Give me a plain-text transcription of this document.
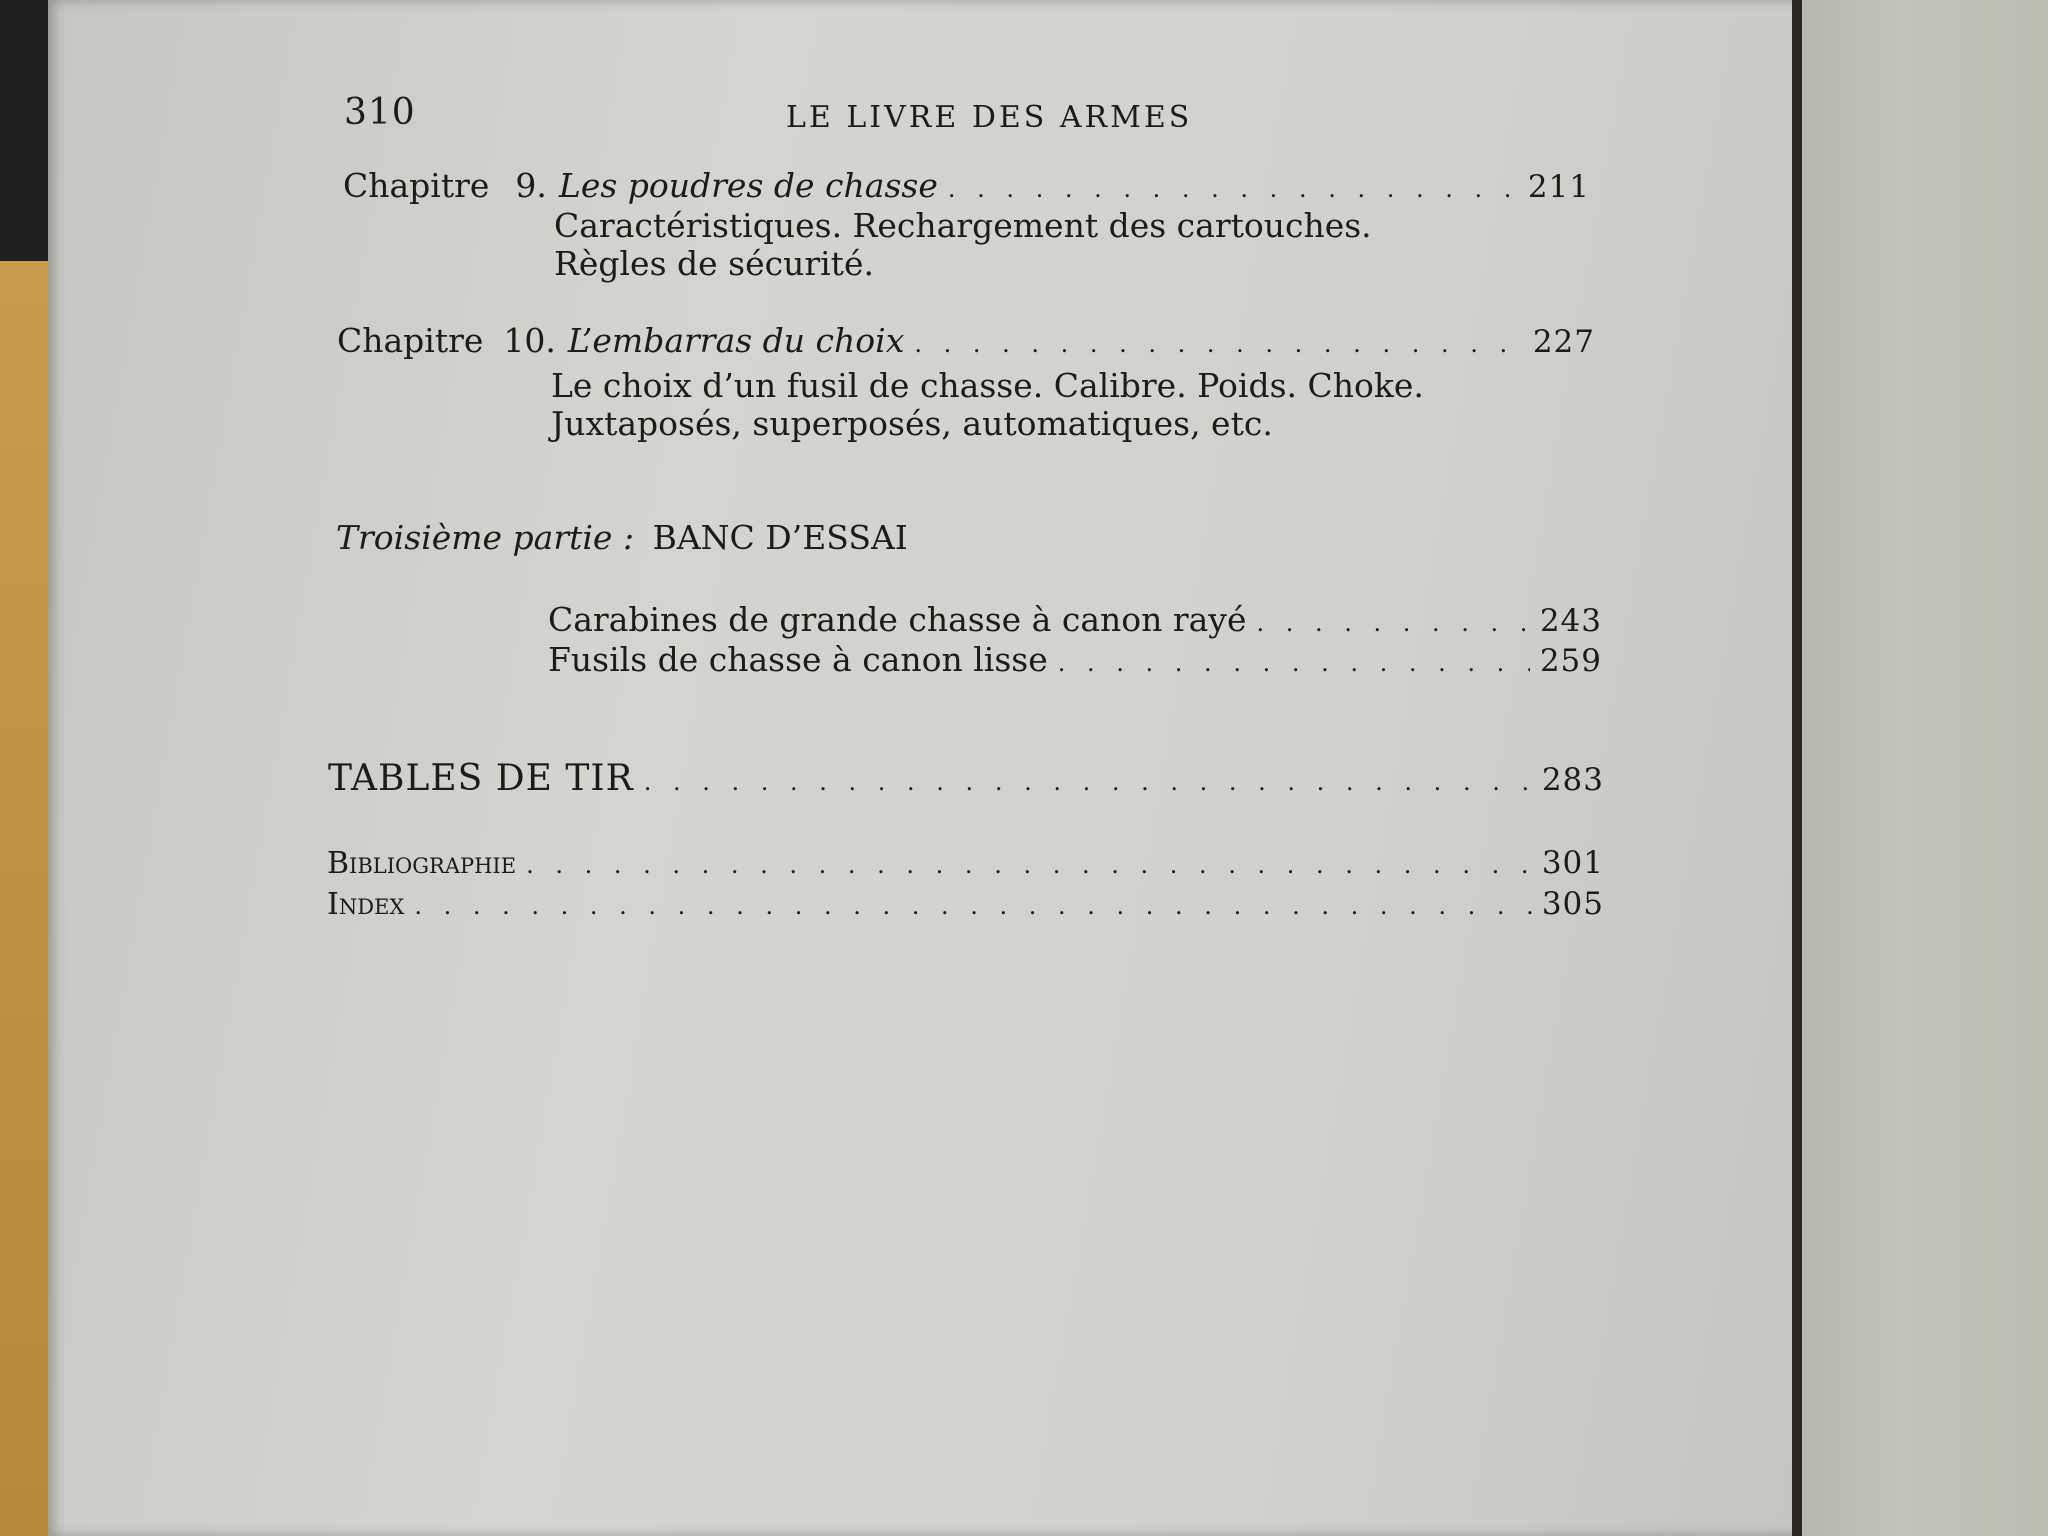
310	LE LIVRE DES ARMES
Chapitre 9. Les poudres de chasse . . .	211
Caractéristiques. Rechargement des cartouches.
Règles de sécurité.
Chapitre 10. L’embarras du choix . . .	227
Le choix d’un fusil de chasse. Calibre. Poids. Choke.
Juxtaposés, superposés, automatiques, etc.
Troisième partie : BANC D’ESSAI
Carabines de grande chasse à canon rayé . . .	243
Fusils de chasse à canon lisse . . .	259
TABLES DE TIR . . .	283
Bibliographie . . .	301
Index . . .	305
